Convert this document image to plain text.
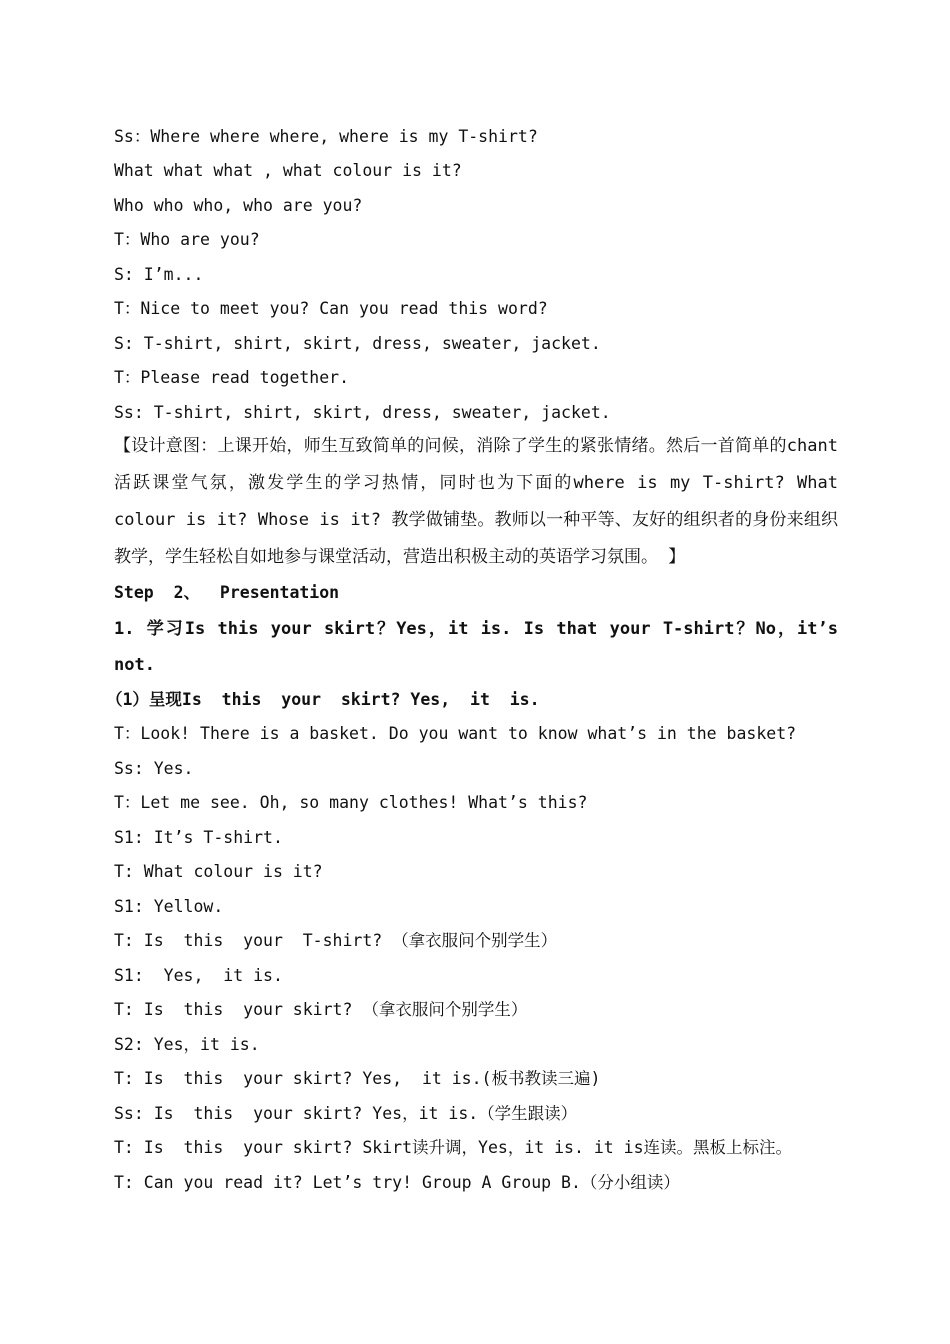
Ss：Where where where, where is my T-shirt?
What what what , what colour is it?
Who who who, who are you?
T：Who are you?
S: I’m...
T：Nice to meet you? Can you read this word?
S: T-shirt, shirt, skirt, dress, sweater, jacket.
T：Please read together.
Ss: T-shirt, shirt, skirt, dress, sweater, jacket.
【设计意图：上课开始，师生互致简单的问候，消除了学生的紧张情绪。然后一首简单的chant活跃课堂气氛，激发学生的学习热情，同时也为下面的where is my T-shirt? What colour is it? Whose is it? 教学做铺垫。教师以一种平等、友好的组织者的身份来组织教学，学生轻松自如地参与课堂活动，营造出积极主动的英语学习氛围。 】
Step  2、  Presentation
1. 学习Is this your skirt？Yes，it is. Is that your T-shirt？No，it’s not.
（1）呈现Is  this  your  skirt? Yes,  it  is.
T：Look! There is a basket. Do you want to know what’s in the basket?
Ss: Yes.
T：Let me see. Oh, so many clothes! What’s this?
S1: It’s T-shirt.
T: What colour is it?
S1: Yellow.
T: Is  this  your  T-shirt? （拿衣服问个别学生）
S1:  Yes,  it is.
T: Is  this  your skirt? （拿衣服问个别学生）
S2: Yes，it is.
T: Is  this  your skirt? Yes,  it is.(板书教读三遍)
Ss: Is  this  your skirt? Yes，it is.（学生跟读）
T: Is  this  your skirt? Skirt读升调，Yes，it is. it is连读。黑板上标注。
T: Can you read it? Let’s try! Group A Group B.（分小组读）
